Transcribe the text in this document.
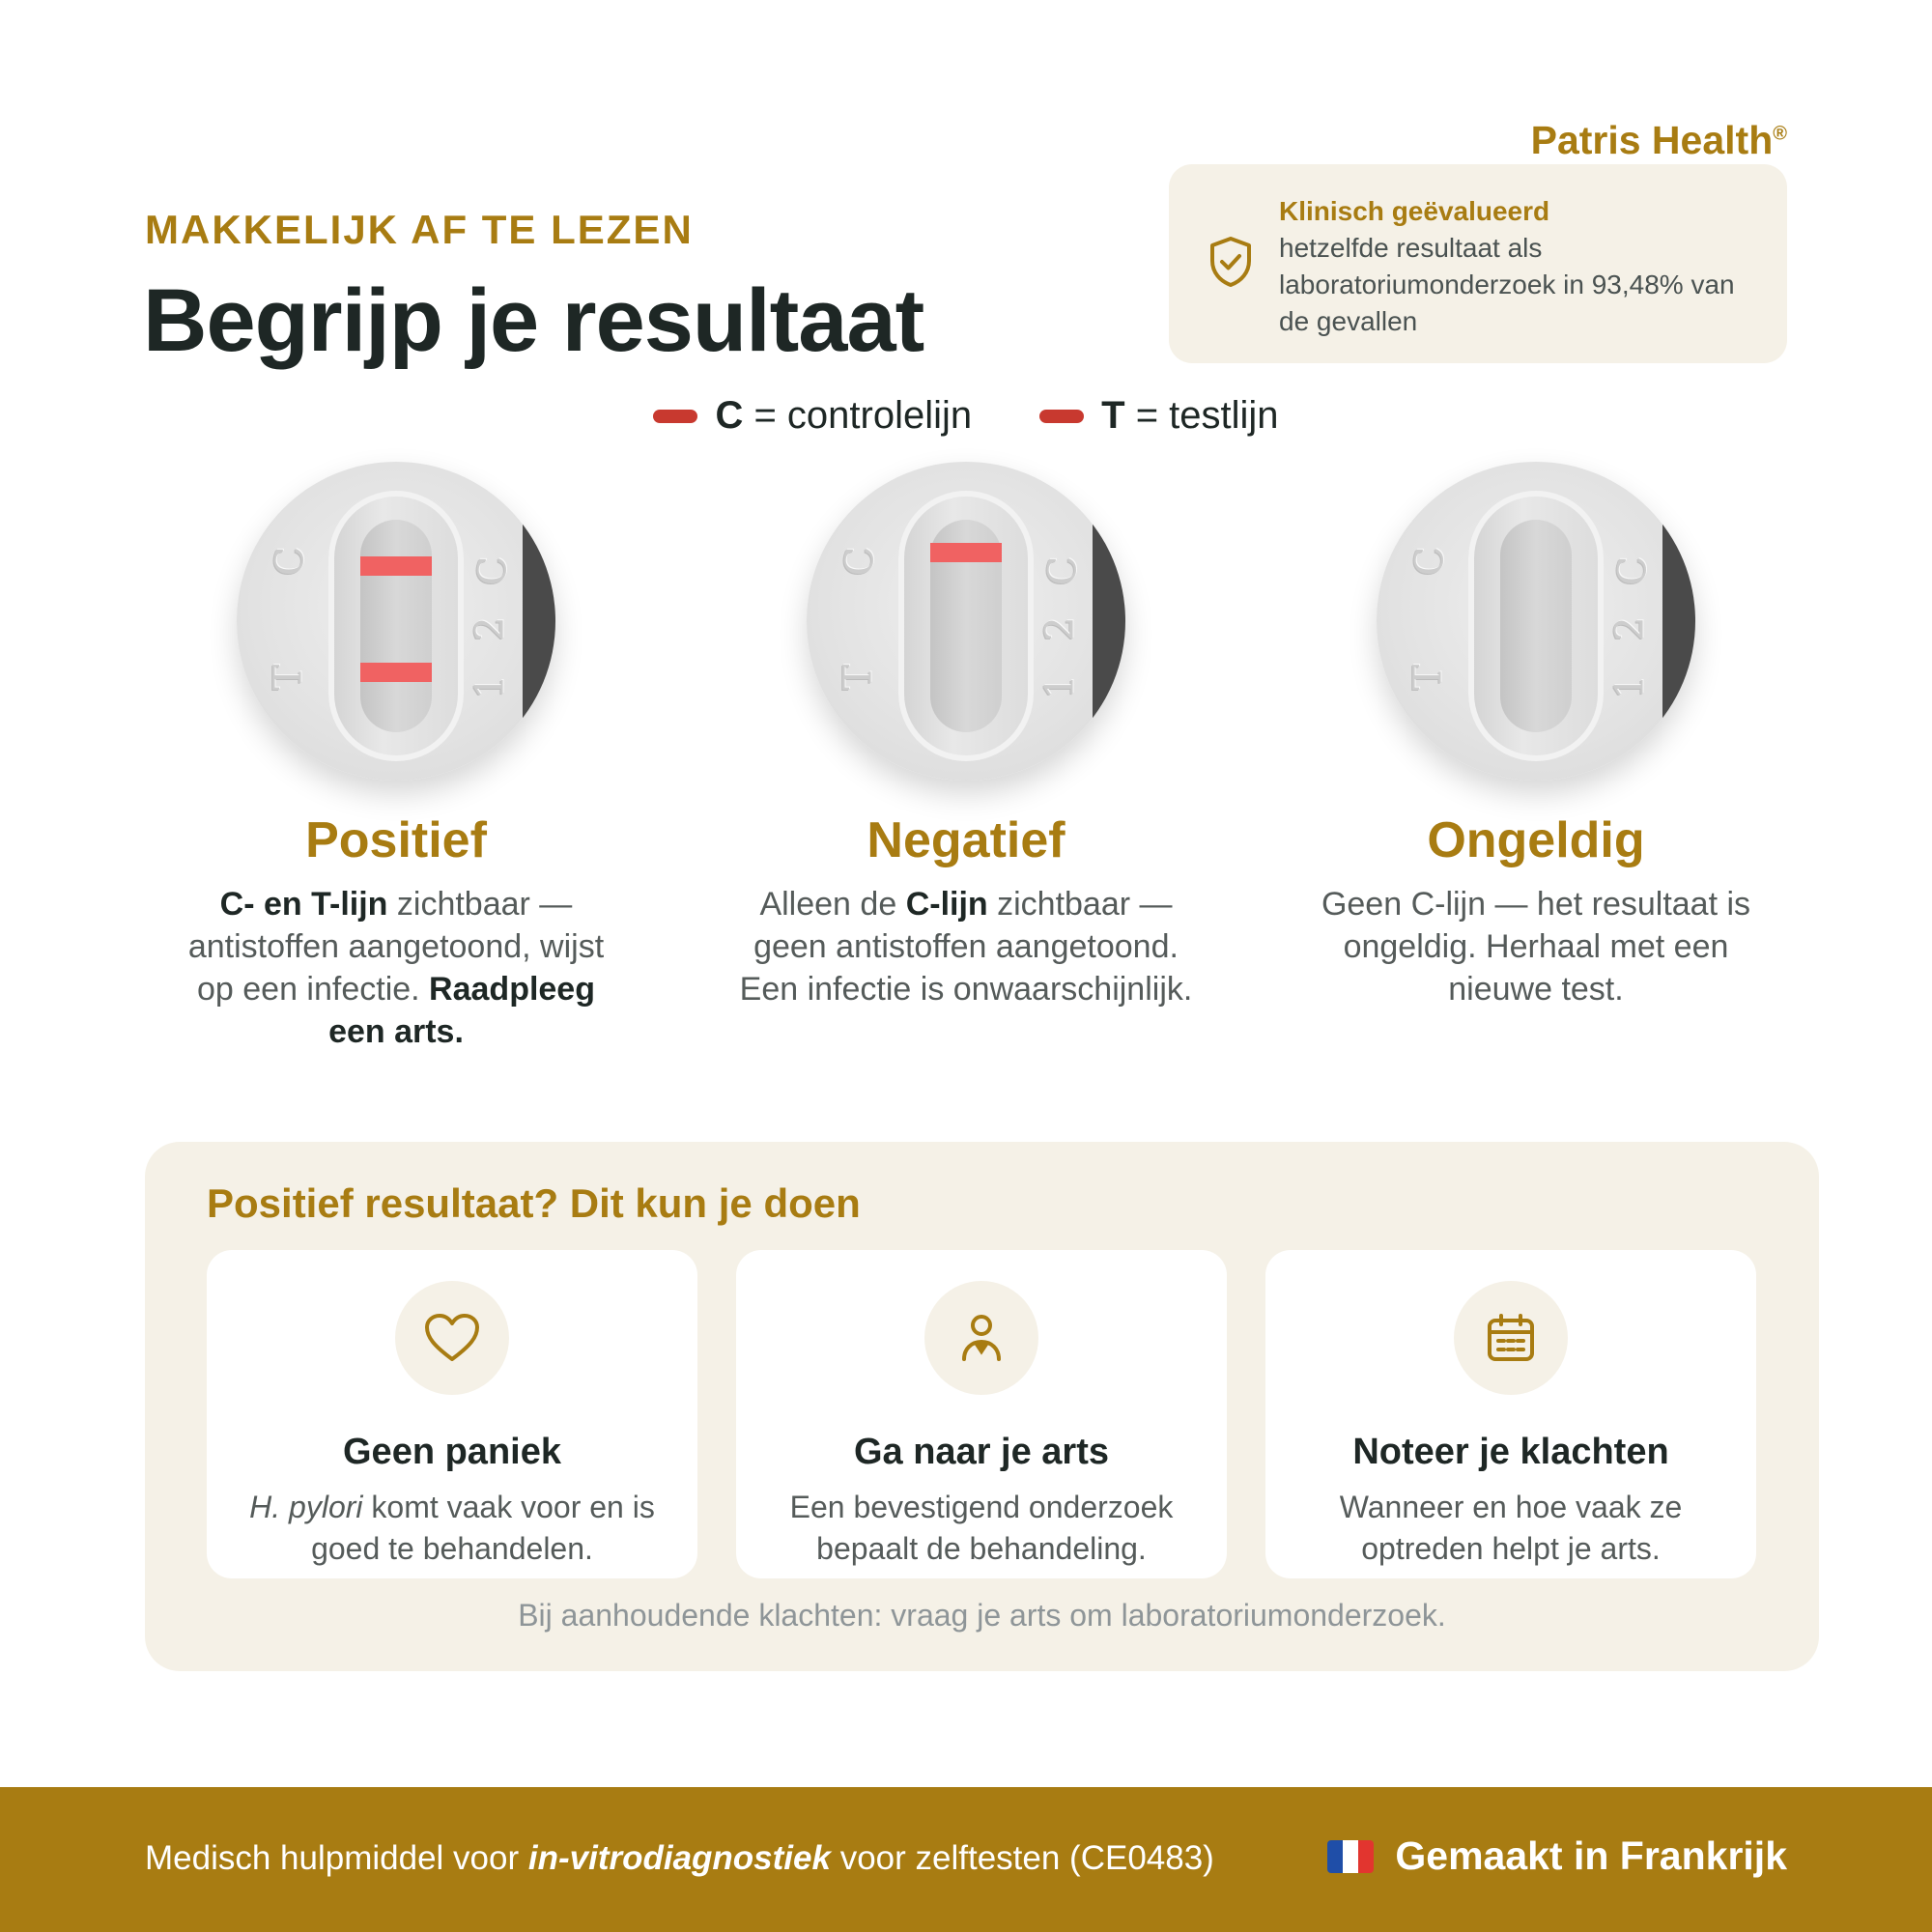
Patris Health®
MAKKELIJK AF TE LEZEN
Begrijp je resultaat
Klinisch geëvalueerd
hetzelfde resultaat als laboratoriumonderzoek in 93,48% van de gevallen
C = controlelijn	T = testlijn
C
T
C
2
1
Positief
C- en T-lijn zichtbaar — antistoffen aangetoond, wijst op een infectie. Raadpleeg een arts.
C
T
C
2
1
Negatief
Alleen de C-lijn zichtbaar — geen antistoffen aangetoond. Een infectie is onwaarschijnlijk.
C
T
C
2
1
Ongeldig
Geen C-lijn — het resultaat is ongeldig. Herhaal met een nieuwe test.
Positief resultaat? Dit kun je doen
Geen paniek

H. pylori komt vaak voor en is goed te behandelen.

Ga naar je arts

Een bevestigend onderzoek bepaalt de behandeling.

Noteer je klachten

Wanneer en hoe vaak ze optreden helpt je arts.

Bij aanhoudende klachten: vraag je arts om laboratoriumonderzoek.
Medisch hulpmiddel voor in-vitrodiagnostiek voor zelftesten (CE0483)	Gemaakt in Frankrijk
